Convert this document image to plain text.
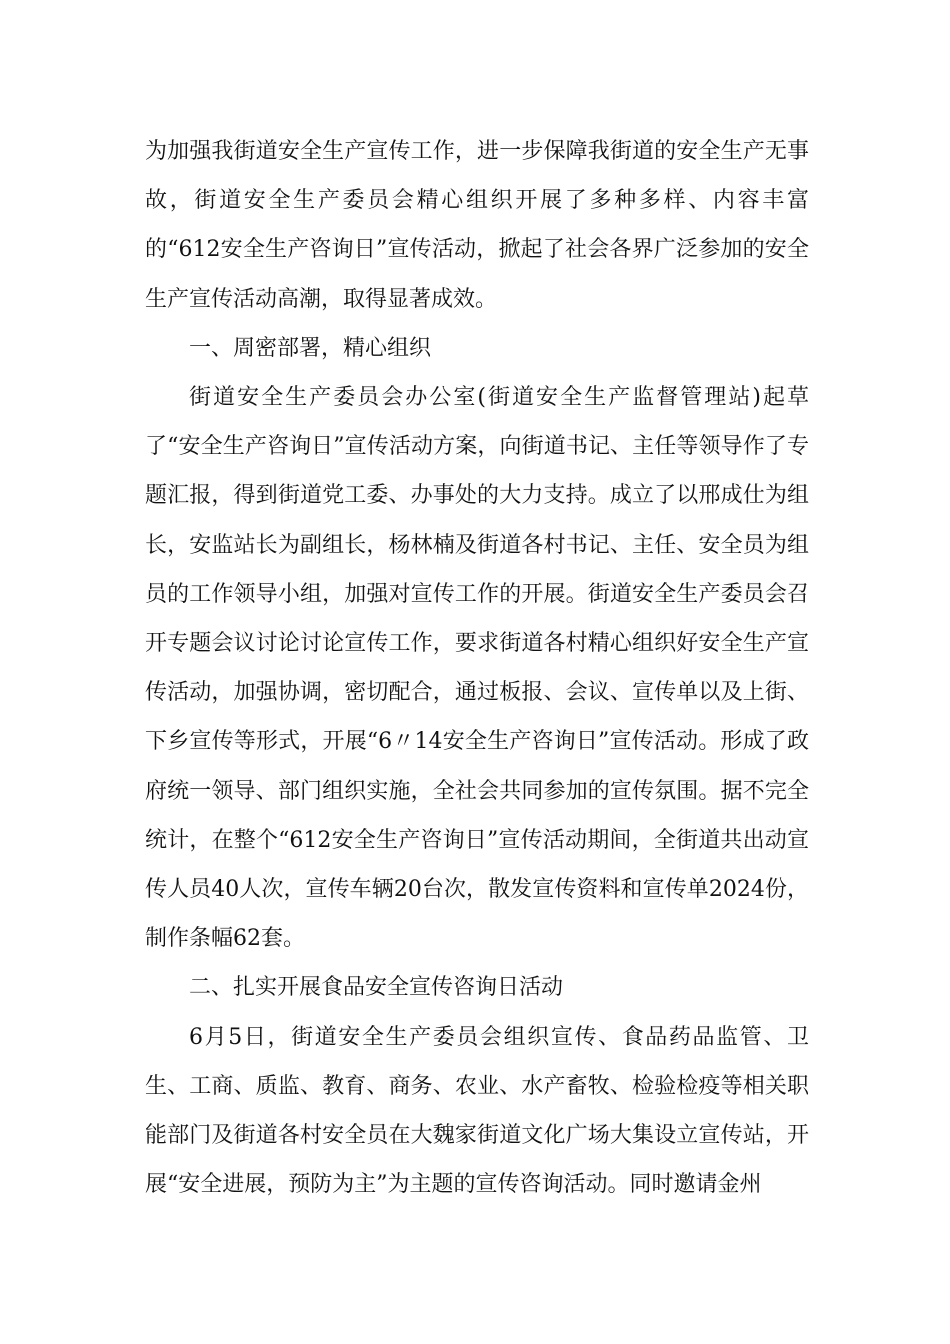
为加强我街道安全生产宣传工作，进一步保障我街道的安全生产无事故，街道安全生产委员会精心组织开展了多种多样、内容丰富的“612安全生产咨询日”宣传活动，掀起了社会各界广泛参加的安全生产宣传活动高潮，取得显著成效。

一、周密部署，精心组织

街道安全生产委员会办公室(街道安全生产监督管理站)起草了“安全生产咨询日”宣传活动方案，向街道书记、主任等领导作了专题汇报，得到街道党工委、办事处的大力支持。成立了以邢成仕为组长，安监站长为副组长，杨林楠及街道各村书记、主任、安全员为组员的工作领导小组，加强对宣传工作的开展。街道安全生产委员会召开专题会议讨论讨论宣传工作，要求街道各村精心组织好安全生产宣传活动，加强协调，密切配合，通过板报、会议、宣传单以及上街、下乡宣传等形式，开展“6〃14安全生产咨询日”宣传活动。形成了政府统一领导、部门组织实施，全社会共同参加的宣传氛围。据不完全统计，在整个“612安全生产咨询日”宣传活动期间，全街道共出动宣传人员40人次，宣传车辆20台次，散发宣传资料和宣传单2024份，制作条幅62套。

二、扎实开展食品安全宣传咨询日活动

6月5日，街道安全生产委员会组织宣传、食品药品监管、卫生、工商、质监、教育、商务、农业、水产畜牧、检验检疫等相关职能部门及街道各村安全员在大魏家街道文化广场大集设立宣传站，开展“安全进展，预防为主”为主题的宣传咨询活动。同时邀请金州
